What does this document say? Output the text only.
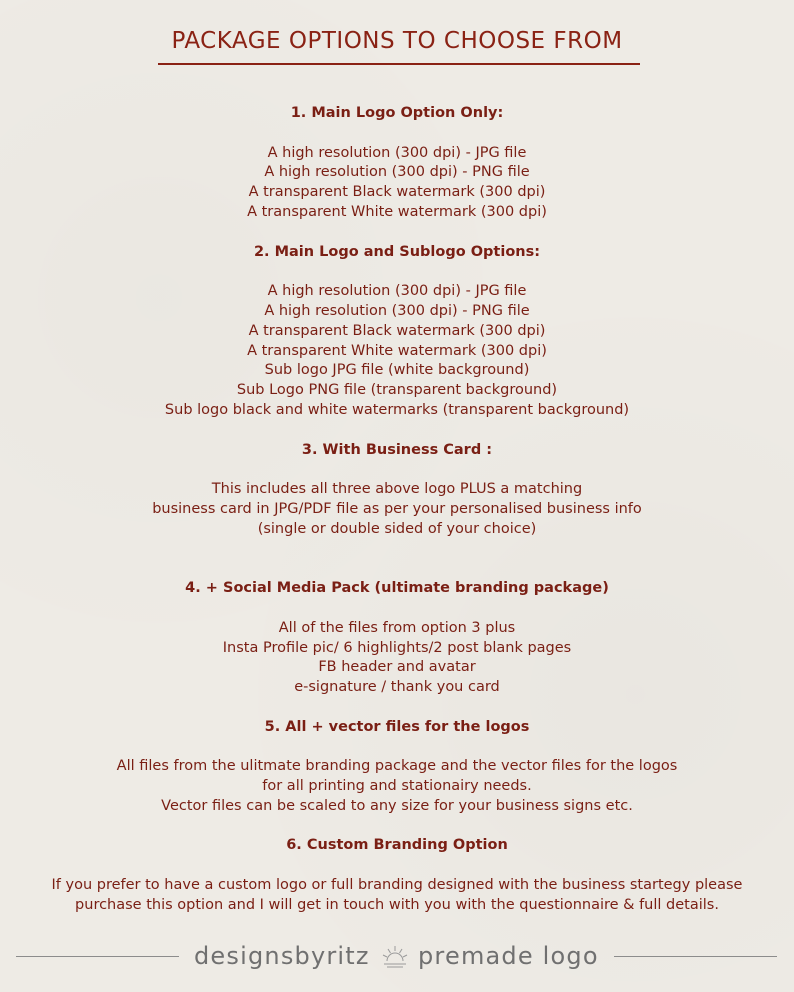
PACKAGE OPTIONS TO CHOOSE FROM
1. Main Logo Option Only:
A high resolution (300 dpi) - JPG file
A high resolution (300 dpi) - PNG file
A transparent Black watermark (300 dpi)
A transparent White watermark (300 dpi)
2. Main Logo and Sublogo Options:
A high resolution (300 dpi) - JPG file
A high resolution (300 dpi) - PNG file
A transparent Black watermark (300 dpi)
A transparent White watermark (300 dpi)
Sub logo JPG file (white background)
Sub Logo PNG file (transparent background)
Sub logo black and white watermarks (transparent background)
3. With Business Card :
This includes all three above logo PLUS a matching
business card in JPG/PDF file as per your personalised business info
(single or double sided of your choice)
4. + Social Media Pack (ultimate branding package)
All of the files from option 3 plus
Insta Profile pic/ 6 highlights/2 post blank pages
FB header and avatar
e-signature / thank you card
5. All + vector files for the logos
All files from the ulitmate branding package and the vector files for the logos
for all printing and stationairy needs.
Vector files can be scaled to any size for your business signs etc.
6. Custom Branding Option
If you prefer to have a custom logo or full branding designed with the business startegy please
purchase this option and I will get in touch with you with the questionnaire & full details.
designsbyritz premade logo
